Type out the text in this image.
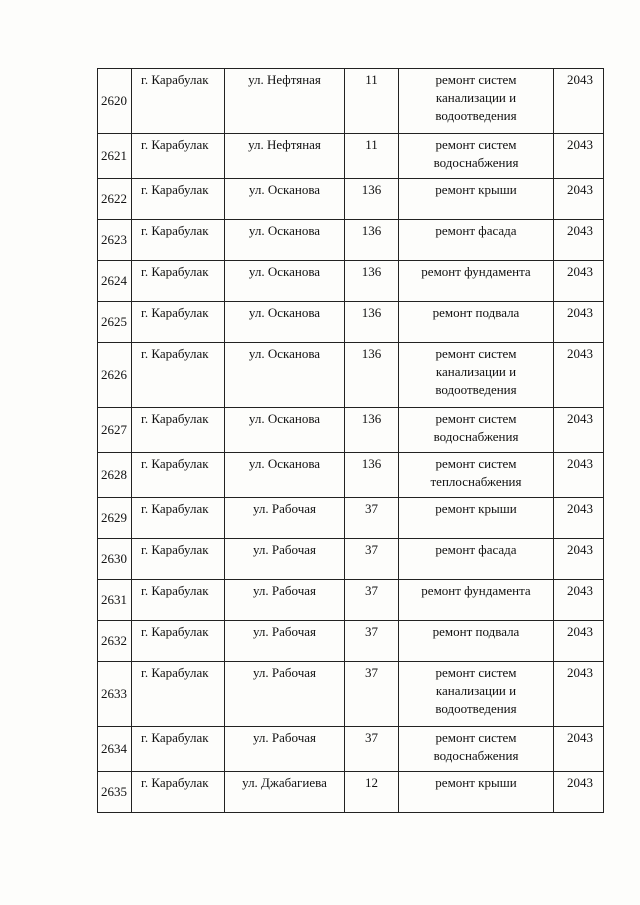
2620	г. Карабулак	ул. Нефтяная	11	ремонт систем канализации и водоотведения	2043
2621	г. Карабулак	ул. Нефтяная	11	ремонт систем водоснабжения	2043
2622	г. Карабулак	ул. Осканова	136	ремонт крыши	2043
2623	г. Карабулак	ул. Осканова	136	ремонт фасада	2043
2624	г. Карабулак	ул. Осканова	136	ремонт фундамента	2043
2625	г. Карабулак	ул. Осканова	136	ремонт подвала	2043
2626	г. Карабулак	ул. Осканова	136	ремонт систем канализации и водоотведения	2043
2627	г. Карабулак	ул. Осканова	136	ремонт систем водоснабжения	2043
2628	г. Карабулак	ул. Осканова	136	ремонт систем теплоснабжения	2043
2629	г. Карабулак	ул. Рабочая	37	ремонт крыши	2043
2630	г. Карабулак	ул. Рабочая	37	ремонт фасада	2043
2631	г. Карабулак	ул. Рабочая	37	ремонт фундамента	2043
2632	г. Карабулак	ул. Рабочая	37	ремонт подвала	2043
2633	г. Карабулак	ул. Рабочая	37	ремонт систем канализации и водоотведения	2043
2634	г. Карабулак	ул. Рабочая	37	ремонт систем водоснабжения	2043
2635	г. Карабулак	ул. Джабагиева	12	ремонт крыши	2043
